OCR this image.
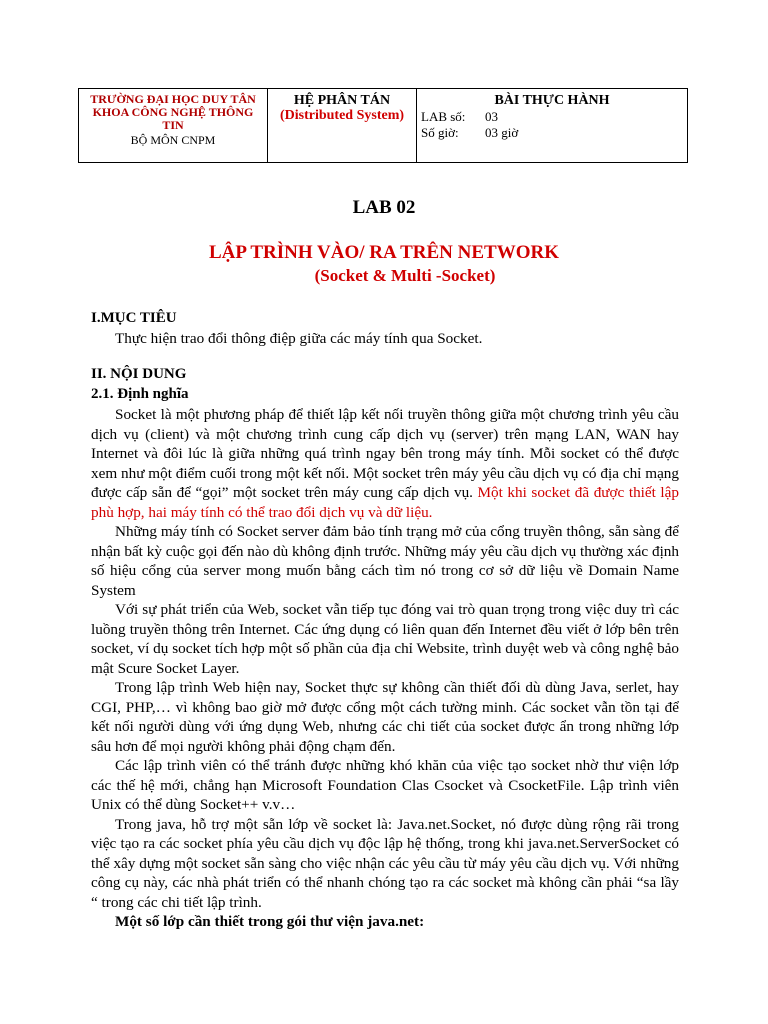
TRƯỜNG ĐẠI HỌC DUY TÂN
KHOA CÔNG NGHỆ THÔNG
TIN
BỘ MÔN CNPM

HỆ PHÂN TÁN
(Distributed System)

BÀI THỰC HÀNH
LAB số: 03
Số giờ: 03 giờ
LAB 02
LẬP TRÌNH VÀO/ RA TRÊN NETWORK
(Socket & Multi -Socket)
I.MỤC TIÊU

Thực hiện trao đổi thông điệp giữa các máy tính qua Socket.

II. NỘI DUNG
2.1. Định nghĩa

Socket là một phương pháp để thiết lập kết nối truyền thông giữa một chương trình yêu cầu dịch vụ (client) và một chương trình cung cấp dịch vụ (server) trên mạng LAN, WAN hay Internet và đôi lúc là giữa những quá trình ngay bên trong máy tính. Mỗi socket có thể được xem như một điểm cuối trong một kết nối. Một socket trên máy yêu cầu dịch vụ có địa chỉ mạng được cấp sẵn để “gọi” một socket trên máy cung cấp dịch vụ. Một khi socket đã được thiết lập phù hợp, hai máy tính có thể trao đổi dịch vụ và dữ liệu.

Những máy tính có Socket server đảm bảo tính trạng mở của cổng truyền thông, sẵn sàng để nhận bất kỳ cuộc gọi đến nào dù không định trước. Những máy yêu cầu dịch vụ thường xác định số hiệu cổng của server mong muốn bằng cách tìm nó trong cơ sở dữ liệu về Domain Name System

Với sự phát triển của Web, socket vẫn tiếp tục đóng vai trò quan trọng trong việc duy trì các luồng truyền thông trên Internet. Các ứng dụng có liên quan đến Internet đều viết ở lớp bên trên socket, ví dụ socket tích hợp một số phần của địa chỉ Website, trình duyệt web và công nghệ bảo mật Scure Socket Layer.

Trong lập trình Web hiện nay, Socket thực sự không cần thiết đối dù dùng Java, serlet, hay CGI, PHP,… vì không bao giờ mở được cổng một cách tường minh. Các socket vẫn tồn tại để kết nối người dùng với ứng dụng Web, nhưng các chi tiết của socket được ẩn trong những lớp sâu hơn để mọi người không phải động chạm đến.

Các lập trình viên có thể tránh được những khó khăn của việc tạo socket nhờ thư viện lớp các thế hệ mới, chẳng hạn Microsoft Foundation Clas Csocket và CsocketFile. Lập trình viên Unix có thể dùng Socket++ v.v…

Trong java, hỗ trợ một sẵn lớp về socket là: Java.net.Socket, nó được dùng rộng rãi trong việc tạo ra các socket phía yêu cầu dịch vụ độc lập hệ thống, trong khi java.net.ServerSocket có thể xây dựng một socket sẵn sàng cho việc nhận các yêu cầu từ máy yêu cầu dịch vụ. Với những công cụ này, các nhà phát triển có thể nhanh chóng tạo ra các socket mà không cần phải “sa lầy “ trong các chi tiết lập trình.

Một số lớp cần thiết trong gói thư viện java.net:
